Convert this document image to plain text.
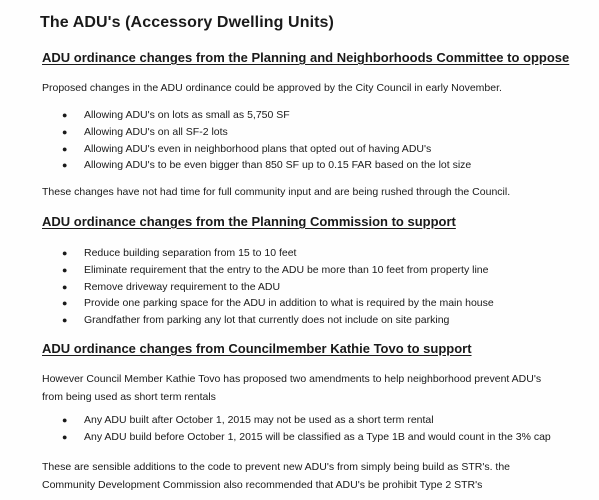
The ADU's (Accessory Dwelling Units)
ADU ordinance changes from the Planning and Neighborhoods Committee to oppose

Proposed changes in the ADU ordinance could be approved by the City Council in early November.

● Allowing ADU's on lots as small as 5,750 SF
● Allowing ADU's on all SF-2 lots
● Allowing ADU's even in neighborhood plans that opted out of having ADU's
● Allowing ADU's to be even bigger than 850 SF up to 0.15 FAR based on the lot size

These changes have not had time for full community input and are being rushed through the Council.

ADU ordinance changes from the Planning Commission to support
● Reduce building separation from 15 to 10 feet
● Eliminate requirement that the entry to the ADU be more than 10 feet from property line
● Remove driveway requirement to the ADU
● Provide one parking space for the ADU in addition to what is required by the main house
● Grandfather from parking any lot that currently does not include on site parking
ADU ordinance changes from Councilmember Kathie Tovo to support

However Council Member Kathie Tovo has proposed two amendments to help neighborhood prevent ADU's from being used as short term rentals

● Any ADU built after October 1, 2015 may not be used as a short term rental
● Any ADU build before October 1, 2015 will be classified as a Type 1B and would count in the 3% cap

These are sensible additions to the code to prevent new ADU's from simply being build as STR's. the Community Development Commission also recommended that ADU's be prohibit Type 2 STR's
